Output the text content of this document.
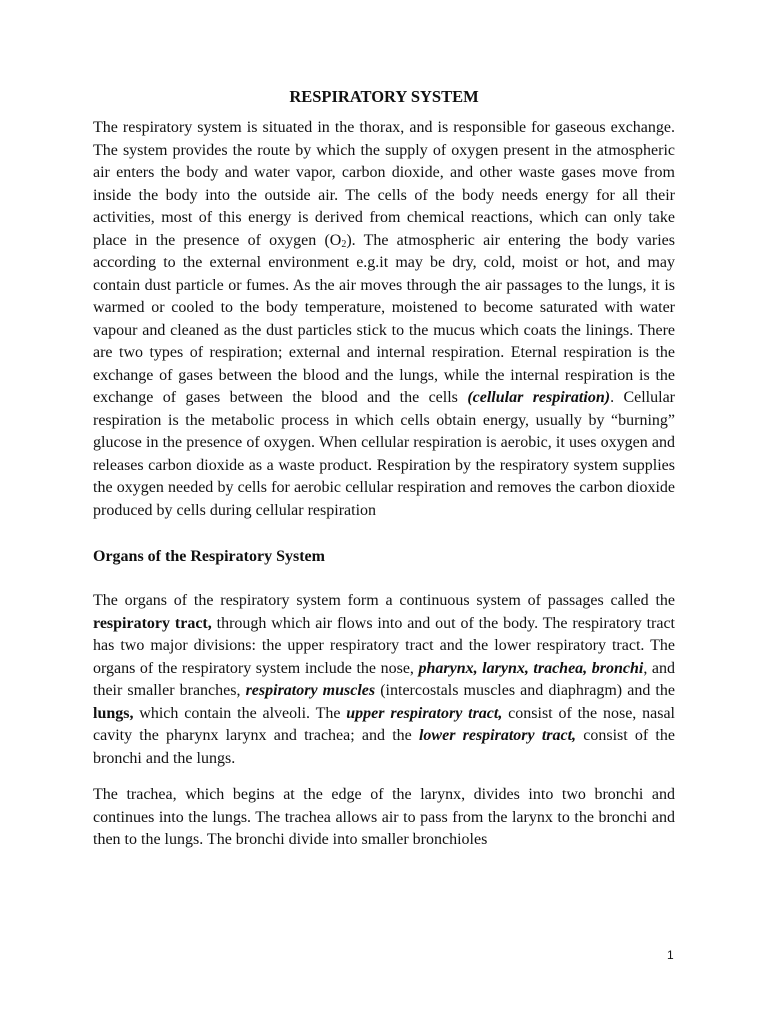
RESPIRATORY SYSTEM

The respiratory system is situated in the thorax, and is responsible for gaseous exchange. The system provides the route by which the supply of oxygen present in the atmospheric air enters the body and water vapor, carbon dioxide, and other waste gases move from inside the body into the outside air. The cells of the body needs energy for all their activities, most of this energy is derived from chemical reactions, which can only take place in the presence of oxygen $(O_2)$. The atmospheric air entering the body varies according to the external environment e.g.it may be dry, cold, moist or hot, and may contain dust particle or fumes. As the air moves through the air passages to the lungs, it is warmed or cooled to the body temperature, moistened to become saturated with water vapour and cleaned as the dust particles stick to the mucus which coats the linings. There are two types of respiration; external and internal respiration. Eternal respiration is the exchange of gases between the blood and the lungs, while the internal respiration is the exchange of gases between the blood and the cells (cellular respiration). Cellular respiration is the metabolic process in which cells obtain energy, usually by “burning” glucose in the presence of oxygen. When cellular respiration is aerobic, it uses oxygen and releases carbon dioxide as a waste product. Respiration by the respiratory system supplies the oxygen needed by cells for aerobic cellular respiration and removes the carbon dioxide produced by cells during cellular respiration

Organs of the Respiratory System

The organs of the respiratory system form a continuous system of passages called the respiratory tract, through which air flows into and out of the body. The respiratory tract has two major divisions: the upper respiratory tract and the lower respiratory tract. The organs of the respiratory system include the nose, pharynx, larynx, trachea, bronchi, and their smaller branches, respiratory muscles (intercostals muscles and diaphragm) and the lungs, which contain the alveoli. The upper respiratory tract, consist of the nose, nasal cavity the pharynx larynx and trachea; and the lower respiratory tract, consist of the bronchi and the lungs.

The trachea, which begins at the edge of the larynx, divides into two bronchi and continues into the lungs. The trachea allows air to pass from the larynx to the bronchi and then to the lungs. The bronchi divide into smaller bronchioles

1
